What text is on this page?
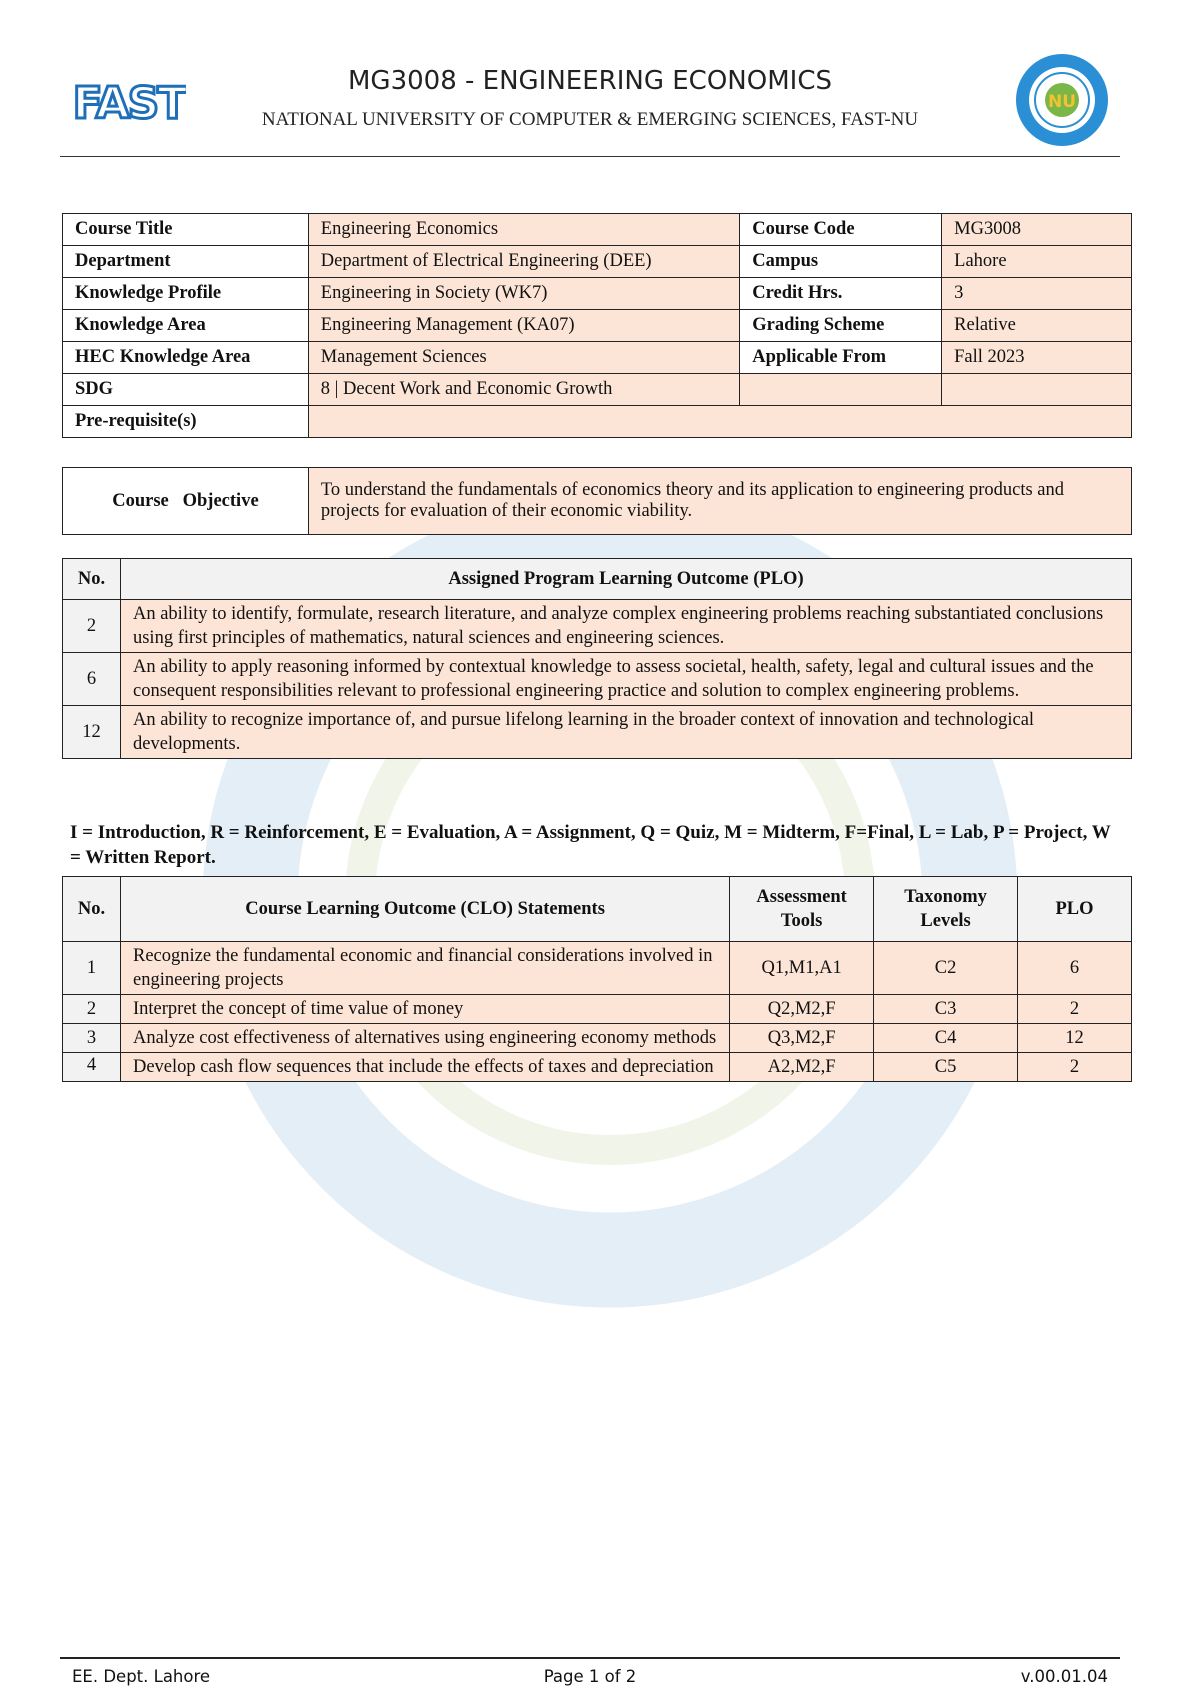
FAST	MG3008 - ENGINEERING ECONOMICS
NATIONAL UNIVERSITY OF COMPUTER & EMERGING SCIENCES, FAST-NU
NU
Course Title	Engineering Economics	Course Code	MG3008
Department	Department of Electrical Engineering (DEE)	Campus	Lahore
Knowledge Profile	Engineering in Society (WK7)	Credit Hrs.	3
Knowledge Area	Engineering Management (KA07)	Grading Scheme	Relative
HEC Knowledge Area	Management Sciences	Applicable From	Fall 2023
SDG	8 | Decent Work and Economic Growth		
Pre-requisite(s)			
Course   Objective	To understand the fundamentals of economics theory and its application to engineering products and projects for evaluation of their economic viability.
No.	Assigned Program Learning Outcome (PLO)
2	An ability to identify, formulate, research literature, and analyze complex engineering problems reaching substantiated conclusions using first principles of mathematics, natural sciences and engineering sciences.
6	An ability to apply reasoning informed by contextual knowledge to assess societal, health, safety, legal and cultural issues and the consequent responsibilities relevant to professional engineering practice and solution to complex engineering problems.
12	An ability to recognize importance of, and pursue lifelong learning in the broader context of innovation and technological developments.
I = Introduction, R = Reinforcement, E = Evaluation, A = Assignment, Q = Quiz, M = Midterm, F=Final, L = Lab, P = Project, W = Written Report.
No.	Course Learning Outcome (CLO) Statements	Assessment Tools	Taxonomy Levels	PLO
1	Recognize the fundamental economic and financial considerations involved in engineering projects	Q1,M1,A1	C2	6
2	Interpret the concept of time value of money	Q2,M2,F	C3	2
3	Analyze cost effectiveness of alternatives using engineering economy methods	Q3,M2,F	C4	12
4	Develop cash flow sequences that include the effects of taxes and depreciation	A2,M2,F	C5	2
EE. Dept. Lahore	Page 1 of 2	v.00.01.04
